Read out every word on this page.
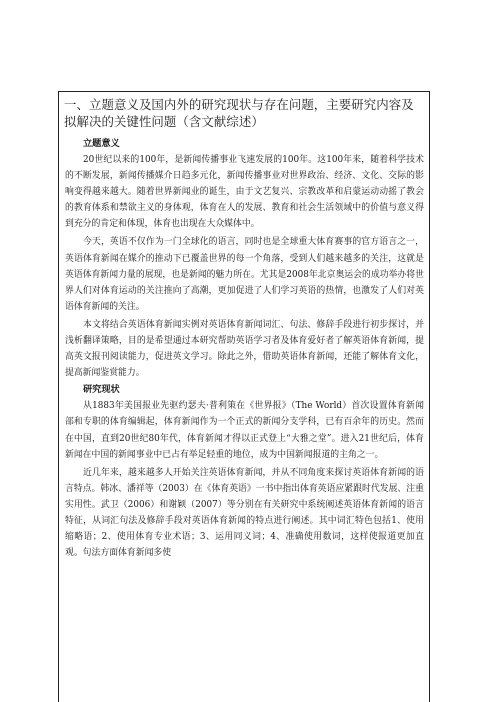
一、立题意义及国内外的研究现状与存在问题，主要研究内容及拟解决的关键性问题（含文献综述）
立题意义

20世纪以来的100年，是新闻传播事业飞速发展的100年。这100年来，随着科学技术的不断发展，新闻传播媒介日趋多元化，新闻传播事业对世界政治、经济、文化、交际的影响变得越来越大。随着世界新闻业的诞生，由于文艺复兴、宗教改革和启蒙运动动摇了教会的教育体系和禁欲主义的身体观，体育在人的发展、教育和社会生活领域中的价值与意义得到充分的肯定和体现，体育也出现在大众媒体中。

今天，英语不仅作为一门全球化的语言，同时也是全球重大体育赛事的官方语言之一，英语体育新闻在媒介的推动下已覆盖世界的每一个角落，受到人们越来越多的关注，这就是英语体育新闻力量的展现，也是新闻的魅力所在。尤其是2008年北京奥运会的成功举办将世界人们对体育运动的关注推向了高潮，更加促进了人们学习英语的热情，也激发了人们对英语体育新闻的关注。

本文将结合英语体育新闻实例对英语体育新闻词汇、句法、修辞手段进行初步探讨，并浅析翻译策略，目的是希望通过本研究帮助英语学习者及体育爱好者了解英语体育新闻，提高英文报刊阅读能力，促进英文学习。除此之外，借助英语体育新闻，还能了解体育文化，提高新闻鉴赏能力。

研究现状

从1883年美国报业先驱约瑟夫·普利策在《世界报》（The World）首次设置体育新闻部和专职的体育编辑起，体育新闻作为一个正式的新闻分支学科，已有百余年的历史。然而在中国，直到20世纪80年代，体育新闻才得以正式登上“大雅之堂”。进入21世纪后，体育新闻在中国的新闻事业中已占有举足轻重的地位，成为中国新闻报道的主角之一。

近几年来，越来越多人开始关注英语体育新闻，并从不同角度来探讨英语体育新闻的语言特点。韩冰、潘祥等（2003）在《体育英语》一书中指出体育英语应紧跟时代发展、注重实用性。武卫（2006）和谢颖（2007）等分别在有关研究中系统阐述英语体育新闻的语言特征，从词汇句法及修辞手段对英语体育新闻的特点进行阐述。其中词汇特色包括1、使用缩略语；2、使用体育专业术语；3、运用同义词；4、准确使用数词，这样使报道更加直观。句法方面体育新闻多使
